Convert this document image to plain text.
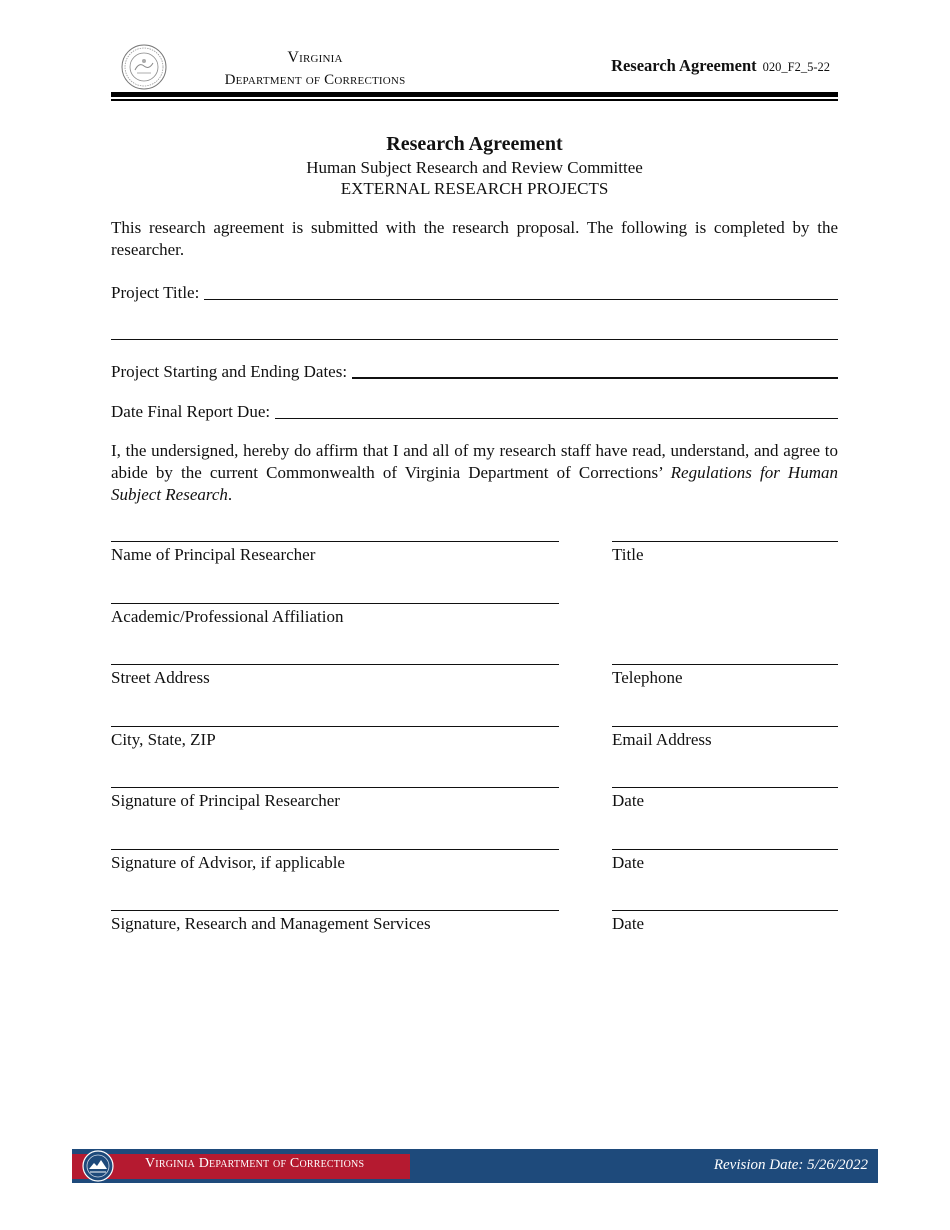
Virginia
Department of Corrections
Research Agreement 020_F2_5-22
Research Agreement
Human Subject Research and Review Committee
EXTERNAL RESEARCH PROJECTS
This research agreement is submitted with the research proposal. The following is completed by the researcher.
Project Title:
Project Starting and Ending Dates:
Date Final Report Due:
I, the undersigned, hereby do affirm that I and all of my research staff have read, understand, and agree to abide by the current Commonwealth of Virginia Department of Corrections’ Regulations for Human Subject Research.
Name of Principal Researcher
Academic/Professional Affiliation
Street Address
City, State, ZIP
Signature of Principal Researcher
Signature of Advisor, if applicable
Signature, Research and Management Services
Title
Telephone
Email Address
Date
Date
Date
Virginia Department of Corrections	Revision Date: 5/26/2022
